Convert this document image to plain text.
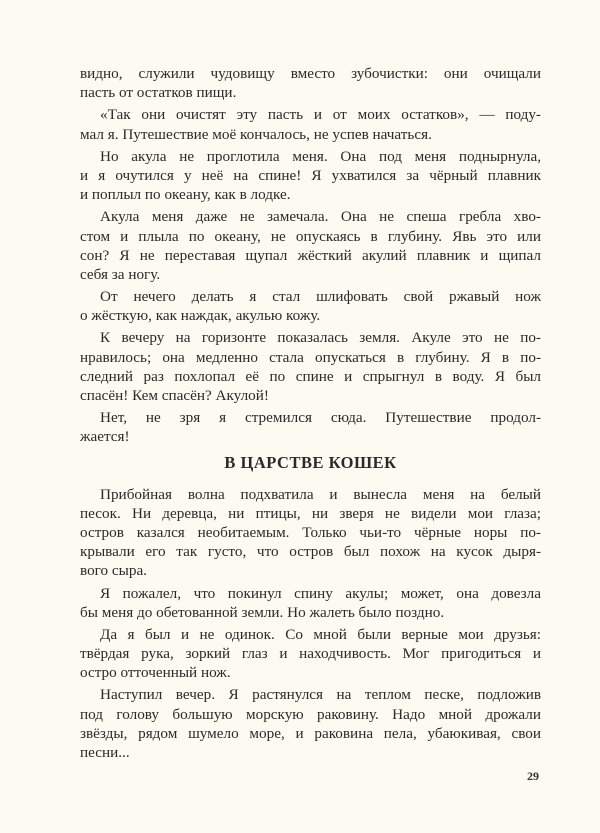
видно, служили чудовищу вместо зубочистки: они очищали
пасть от остатков пищи.
«Так они очистят эту пасть и от моих остатков», — поду-
мал я. Путешествие моё кончалось, не успев начаться.
Но акула не проглотила меня. Она под меня поднырнула,
и я очутился у неё на спине! Я ухватился за чёрный плавник
и поплыл по океану, как в лодке.
Акула меня даже не замечала. Она не спеша гребла хво-
стом и плыла по океану, не опускаясь в глубину. Явь это или
сон? Я не переставая щупал жёсткий акулий плавник и щипал
себя за ногу.
От нечего делать я стал шлифовать свой ржавый нож
о жёсткую, как наждак, акулью кожу.
К вечеру на горизонте показалась земля. Акуле это не по-
нравилось; она медленно стала опускаться в глубину. Я в по-
следний раз похлопал её по спине и спрыгнул в воду. Я был
спасён! Кем спасён? Акулой!
Нет, не зря я стремился сюда. Путешествие продол-
жается!
В ЦАРСТВЕ КОШЕК
Прибойная волна подхватила и вынесла меня на белый
песок. Ни деревца, ни птицы, ни зверя не видели мои глаза;
остров казался необитаемым. Только чьи-то чёрные норы по-
крывали его так густо, что остров был похож на кусок дыря-
вого сыра.
Я пожалел, что покинул спину акулы; может, она довезла
бы меня до обетованной земли. Но жалеть было поздно.
Да я был и не одинок. Со мной были верные мои друзья:
твёрдая рука, зоркий глаз и находчивость. Мог пригодиться и
остро отточенный нож.
Наступил вечер. Я растянулся на теплом песке, подложив
под голову большую морскую раковину. Надо мной дрожали
звёзды, рядом шумело море, и раковина пела, убаюкивая, свои
песни...
29
